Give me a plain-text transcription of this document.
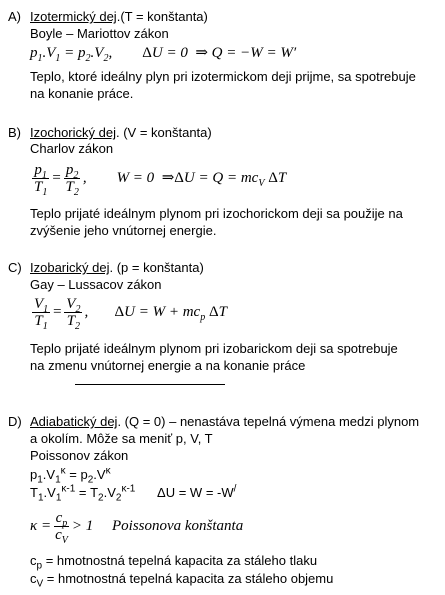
A) Izotermický dej.(T = konštanta)
Boyle – Mariottov zákon
$p_1.V_1 = p_2.V_2$,        ΔU = 0  ⇒ Q = −W = W′
Teplo, ktoré ideálny plyn pri izotermickom deji prijme, sa spotrebuje
na konanie práce.
B) Izochorický dej. (V = konštanta)
Charlov zákon
$\frac{p_1}{T_1} = \frac{p_2}{T_2}$ ,        W = 0  ⇒ΔU = $Q = mc_V$ ΔT
Teplo prijaté ideálnym plynom pri izochorickom deji sa použije na
zvýšenie jeho vnútornej energie.
C) Izobarický dej. (p = konštanta)
Gay – Lussacov zákon
$\frac{V_1}{T_1} = \frac{V_2}{T_2}$ ,       $\Delta U = W + mc_p$ ΔT
Teplo prijaté ideálnym plynom pri izobarickom deji sa spotrebuje
na zmenu vnútornej energie a na konanie práce
D) Adiabatický dej. (Q = 0) – nenastáva tepelná výmena medzi plynom
a okolím. Môže sa meniť p, V, T
Poissonov zákon
$p_1.V_1^\kappa = p_2.V^\kappa$
$T_1.V_1^{\kappa-1} = T_2.V_2^{\kappa-1}$      ΔU = W = -W/
$\kappa = \frac{c_p}{c_V} > 1$     Poissonova konštanta
$c_p$ = hmotnostná tepelná kapacita za stáleho tlaku
$c_V$ = hmotnostná tepelná kapacita za stáleho objemu
